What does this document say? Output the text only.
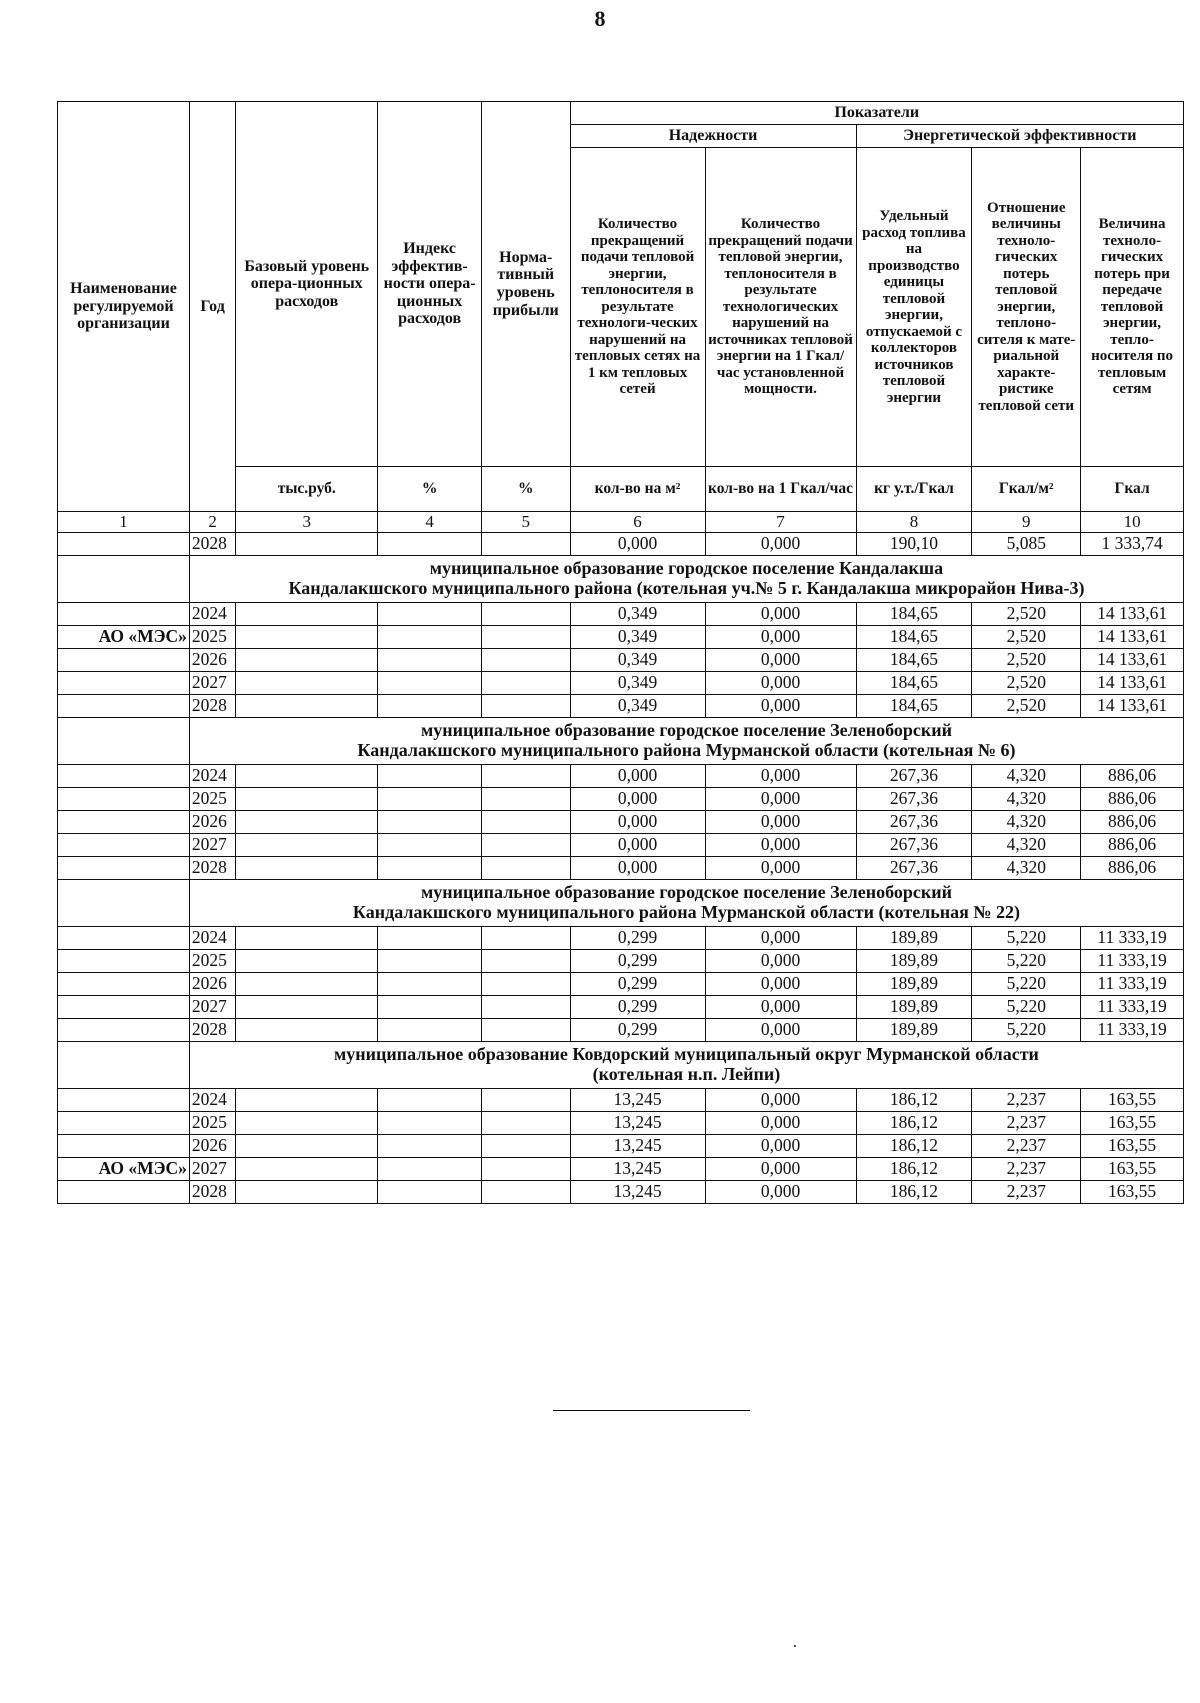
8
Наименование регулируемой организации	Год	Базовый уровень опера-ционных расходов	Индекс эффектив-ности опера-ционных расходов	Норма-тивный уровень прибыли	Показатели				
					Надежности		Энергетической эффективности		
					Количество прекращений подачи тепловой энергии, теплоносителя в результате технологи-ческих нарушений на тепловых сетях на 1 км тепловых сетей	Количество прекращений подачи тепловой энергии, теплоносителя в результате технологических нарушений на источниках тепловой энергии на 1 Гкал/час установленной мощности.	Удельный расход топлива на производство единицы тепловой энергии, отпускаемой с коллекторов источников тепловой энергии	Отношение величины техноло-гических потерь тепловой энергии, теплоно-сителя к мате-риальной характе-ристике тепловой сети	Величина техноло-гических потерь при передаче тепловой энергии, тепло-носителя по тепловым сетям
		тыс.руб.	%	%	кол-во на м²	кол-во на 1 Гкал/час	кг у.т./Гкал	Гкал/м²	Гкал
1	2	3	4	5	6	7	8	9	10
	2028				0,000	0,000	190,10	5,085	1 333,74

	муниципальное образование городское поселение Кандалакша
Кандалакшского муниципального района (котельная уч.№ 5 г. Кандалакша микрорайон Нива-3)								

	2024				0,349	0,000	184,65	2,520	14 133,61
АО «МЭС»	2025				0,349	0,000	184,65	2,520	14 133,61
	2026				0,349	0,000	184,65	2,520	14 133,61
	2027				0,349	0,000	184,65	2,520	14 133,61
	2028				0,349	0,000	184,65	2,520	14 133,61

	муниципальное образование городское поселение Зеленоборский
Кандалакшского муниципального района Мурманской области (котельная № 6)								

	2024				0,000	0,000	267,36	4,320	886,06
	2025				0,000	0,000	267,36	4,320	886,06
	2026				0,000	0,000	267,36	4,320	886,06
	2027				0,000	0,000	267,36	4,320	886,06
	2028				0,000	0,000	267,36	4,320	886,06

	муниципальное образование городское поселение Зеленоборский
Кандалакшского муниципального района Мурманской области (котельная № 22)								

	2024				0,299	0,000	189,89	5,220	11 333,19
	2025				0,299	0,000	189,89	5,220	11 333,19
	2026				0,299	0,000	189,89	5,220	11 333,19
	2027				0,299	0,000	189,89	5,220	11 333,19
	2028				0,299	0,000	189,89	5,220	11 333,19

	муниципальное образование Ковдорский муниципальный округ Мурманской области
(котельная н.п. Лейпи)								

	2024				13,245	0,000	186,12	2,237	163,55
	2025				13,245	0,000	186,12	2,237	163,55
	2026				13,245	0,000	186,12	2,237	163,55
АО «МЭС»	2027				13,245	0,000	186,12	2,237	163,55
	2028				13,245	0,000	186,12	2,237	163,55
